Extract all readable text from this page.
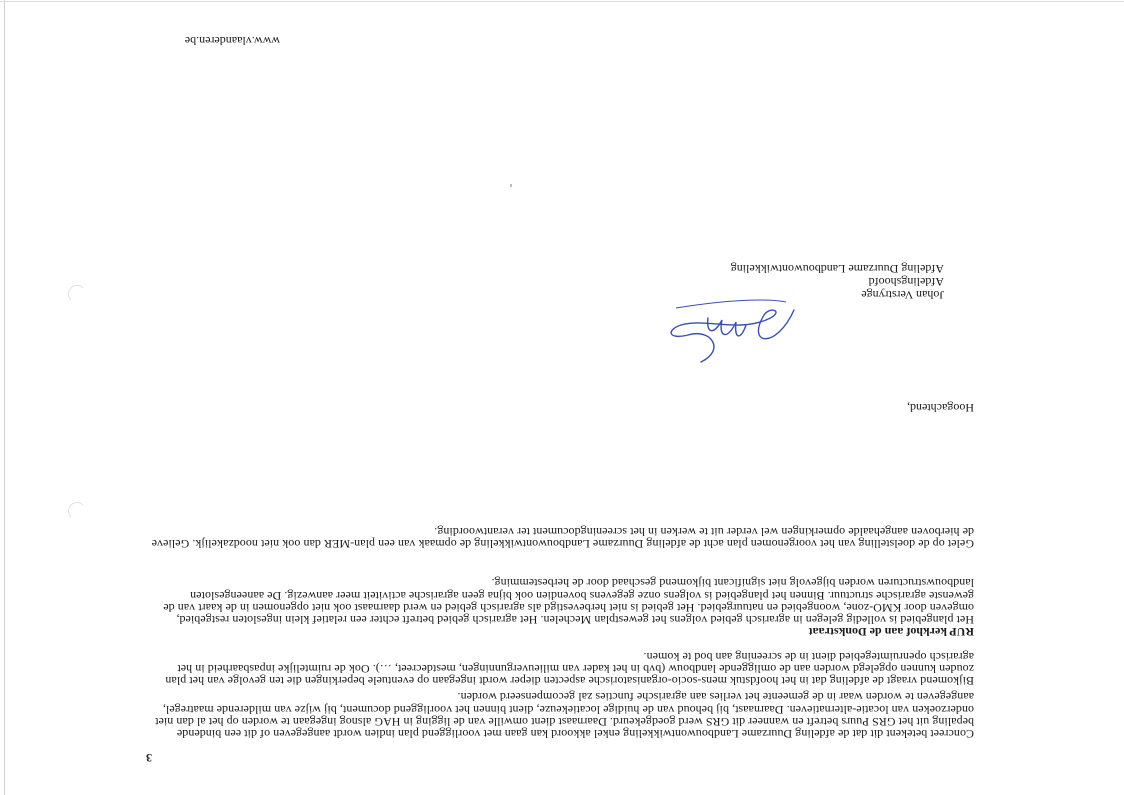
3

Concreet betekent dit dat de afdeling Duurzame Landbouwontwikkeling enkel akkoord kan gaan met voorliggend plan indien wordt aangegeven of dit een bindende bepaling uit het GRS Puurs betreft en wanneer dit GRS werd goedgekeurd. Daarnaast dient omwille van de ligging in HAG alsnog ingegaan te worden op het al dan niet onderzoeken van locatie-alternatieven. Daarnaast, bij behoud van de huidige locatiekeuze, dient binnen het voorliggend document, bij wijze van milderende maatregel, aangegeven te worden waar in de gemeente het verlies aan agrarische functies zal gecompenseerd worden.

Bijkomend vraagt de afdeling dat in het hoofdstuk mens-socio-organisatorische aspecten dieper wordt ingegaan op eventuele beperkingen die ten gevolge van het plan zouden kunnen opgelegd worden aan de omliggende landbouw (bvb in het kader van milieuvergunningen, mestdecreet, …). Ook de ruimtelijke inpasbaarheid in het agrarisch openruimtegebied dient in de screening aan bod te komen.

RUP kerkhof aan de Donkstraat

Het plangebied is volledig gelegen in agrarisch gebied volgens het gewestplan Mechelen. Het agrarisch gebied betreft echter een relatief klein ingesloten restgebied, omgeven door KMO-zone, woongebied en natuurgebied. Het gebied is niet herbevestigd als agrarisch gebied en werd daarnaast ook niet opgenomen in de kaart van de gewenste agrarische structuur. Binnen het plangebied is volgens onze gegevens bovendien ook bijna geen agrarische activiteit meer aanwezig. De aaneengesloten landbouwstructuren worden bijgevolg niet significant bijkomend geschaad door de herbestemming.

Gelet op de doelstelling van het voorgenomen plan acht de afdeling Duurzame Landbouwontwikkeling de opmaak van een plan-MER dan ook niet noodzakelijk. Gelieve de hierboven aangehaalde opmerkingen wel verder uit te werken in het screeningdocument ter verantwoording.

Hoogachtend,
Johan Verstrynge
Afdelingshoofd
Afdeling Duurzame Landbouwontwikkeling
www.vlaanderen.be
